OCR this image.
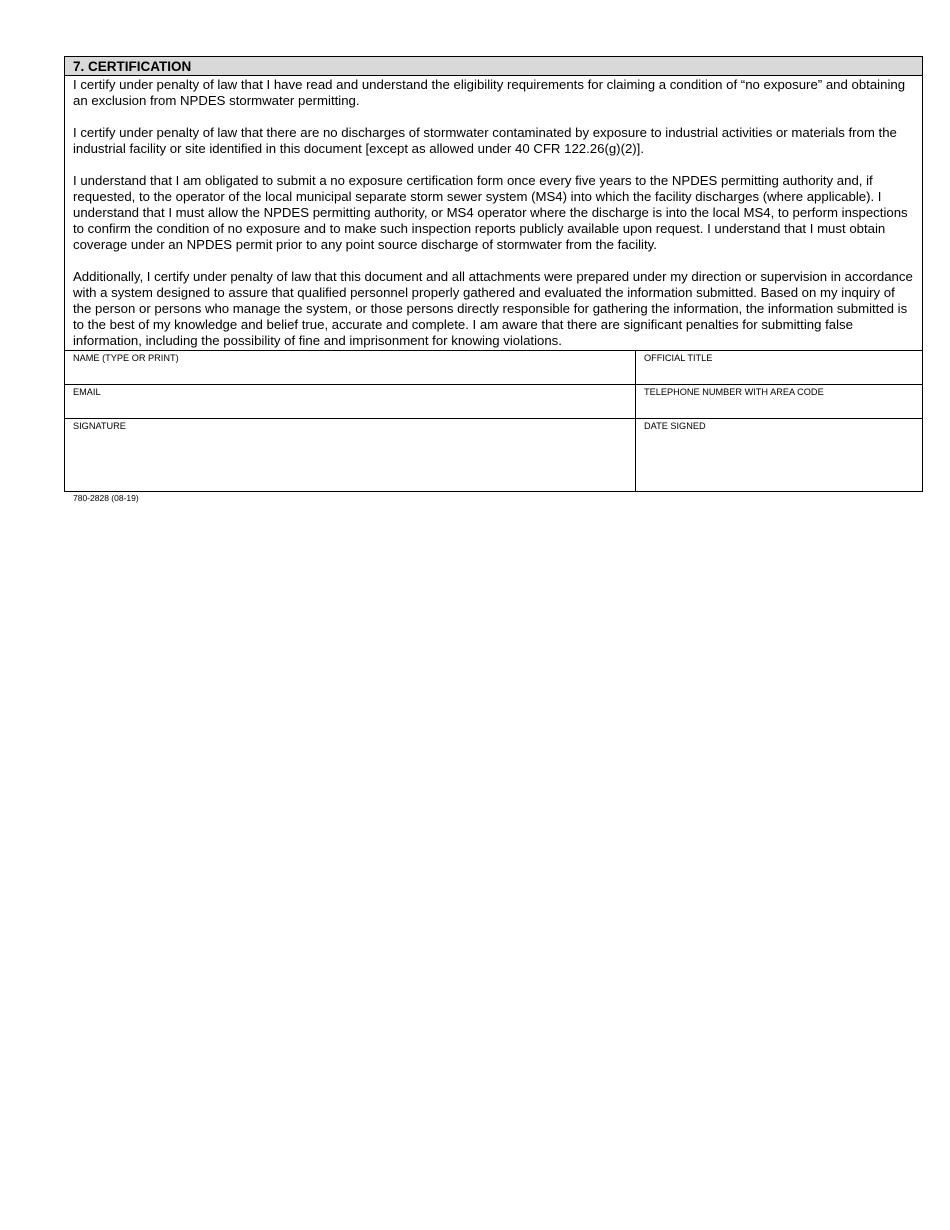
7. CERTIFICATION

I certify under penalty of law that I have read and understand the eligibility requirements for claiming a condition of “no exposure” and obtaining an exclusion from NPDES stormwater permitting.

I certify under penalty of law that there are no discharges of stormwater contaminated by exposure to industrial activities or materials from the industrial facility or site identified in this document [except as allowed under 40 CFR 122.26(g)(2)].

I understand that I am obligated to submit a no exposure certification form once every five years to the NPDES permitting authority and, if requested, to the operator of the local municipal separate storm sewer system (MS4) into which the facility discharges (where applicable). I understand that I must allow the NPDES permitting authority, or MS4 operator where the discharge is into the local MS4, to perform inspections to confirm the condition of no exposure and to make such inspection reports publicly available upon request. I understand that I must obtain coverage under an NPDES permit prior to any point source discharge of stormwater from the facility.

Additionally, I certify under penalty of law that this document and all attachments were prepared under my direction or supervision in accordance with a system designed to assure that qualified personnel properly gathered and evaluated the information submitted. Based on my inquiry of the person or persons who manage the system, or those persons directly responsible for gathering the information, the information submitted is to the best of my knowledge and belief true, accurate and complete. I am aware that there are significant penalties for submitting false information, including the possibility of fine and imprisonment for knowing violations.

NAME (TYPE OR PRINT)	OFFICIAL TITLE
EMAIL	TELEPHONE NUMBER WITH AREA CODE
SIGNATURE	DATE SIGNED
780-2828 (08-19)
